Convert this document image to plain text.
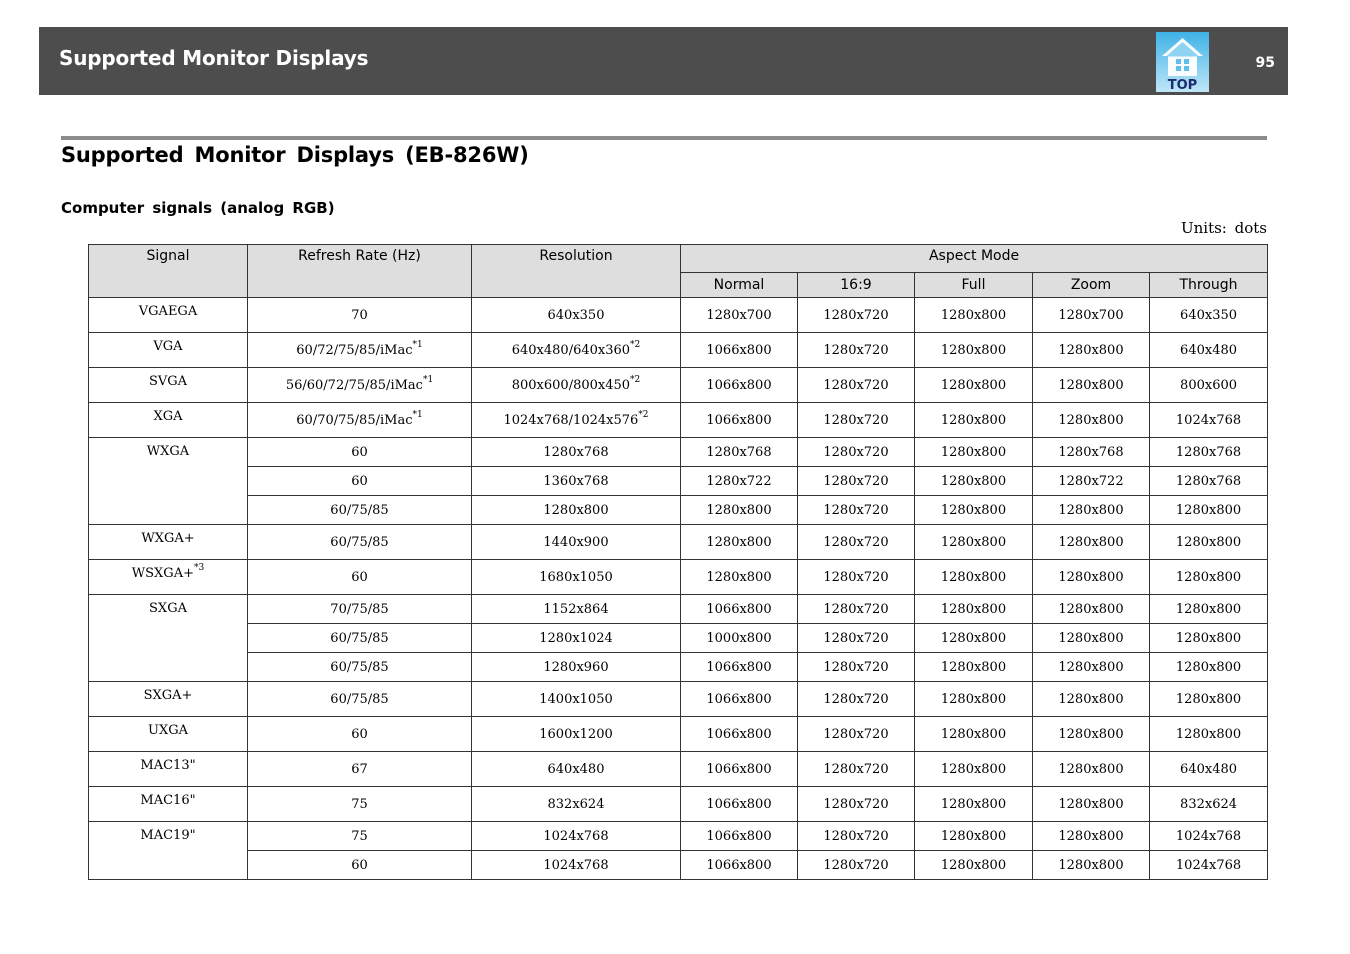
Supported Monitor Displays
TOP
95
Supported Monitor Displays (EB-826W)
Computer signals (analog RGB)
Units: dots
Signal	Refresh Rate (Hz)	Resolution	Aspect Mode				
			Normal	16:9	Full	Zoom	Through
VGAEGA	70	640x350	1280x700	1280x720	1280x800	1280x700	640x350
VGA	60/72/75/85/iMac$^{*1}$	640x480/640x360$^{*2}$	1066x800	1280x720	1280x800	1280x800	640x480
SVGA	56/60/72/75/85/iMac$^{*1}$	800x600/800x450$^{*2}$	1066x800	1280x720	1280x800	1280x800	800x600
XGA	60/70/75/85/iMac$^{*1}$	1024x768/1024x576$^{*2}$	1066x800	1280x720	1280x800	1280x800	1024x768
WXGA	60	1280x768	1280x768	1280x720	1280x800	1280x768	1280x768
	60	1360x768	1280x722	1280x720	1280x800	1280x722	1280x768
	60/75/85	1280x800	1280x800	1280x720	1280x800	1280x800	1280x800
WXGA+	60/75/85	1440x900	1280x800	1280x720	1280x800	1280x800	1280x800
WSXGA+$^{*3}$	60	1680x1050	1280x800	1280x720	1280x800	1280x800	1280x800
SXGA	70/75/85	1152x864	1066x800	1280x720	1280x800	1280x800	1280x800
	60/75/85	1280x1024	1000x800	1280x720	1280x800	1280x800	1280x800
	60/75/85	1280x960	1066x800	1280x720	1280x800	1280x800	1280x800
SXGA+	60/75/85	1400x1050	1066x800	1280x720	1280x800	1280x800	1280x800
UXGA	60	1600x1200	1066x800	1280x720	1280x800	1280x800	1280x800
MAC13"	67	640x480	1066x800	1280x720	1280x800	1280x800	640x480
MAC16"	75	832x624	1066x800	1280x720	1280x800	1280x800	832x624
MAC19"	75	1024x768	1066x800	1280x720	1280x800	1280x800	1024x768
	60	1024x768	1066x800	1280x720	1280x800	1280x800	1024x768
